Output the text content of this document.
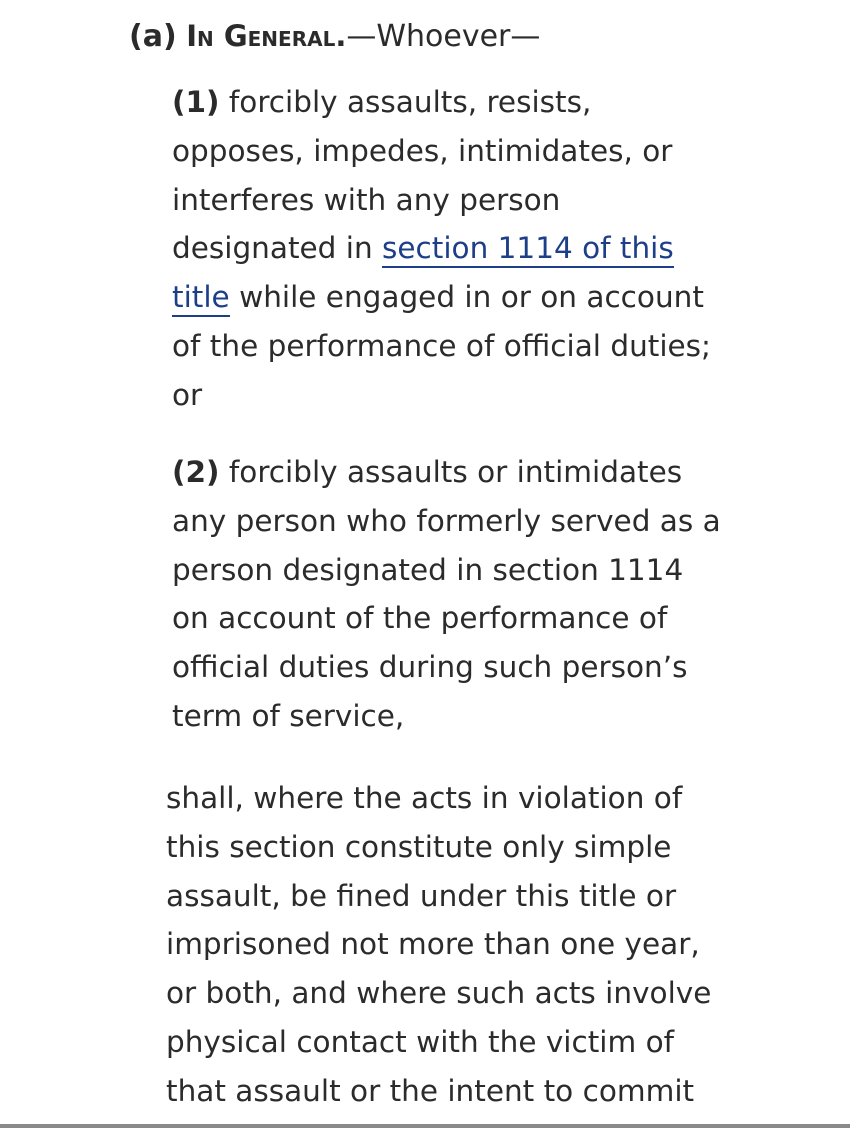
(a) In General.—Whoever—
(1) forcibly assaults, resists,
opposes, impedes, intimidates, or
interferes with any person
designated in section 1114 of this
title while engaged in or on account
of the performance of official duties;
or
(2) forcibly assaults or intimidates
any person who formerly served as a
person designated in section 1114
on account of the performance of
official duties during such person’s
term of service,
shall, where the acts in violation of
this section constitute only simple
assault, be fined under this title or
imprisoned not more than one year,
or both, and where such acts involve
physical contact with the victim of
that assault or the intent to commit
